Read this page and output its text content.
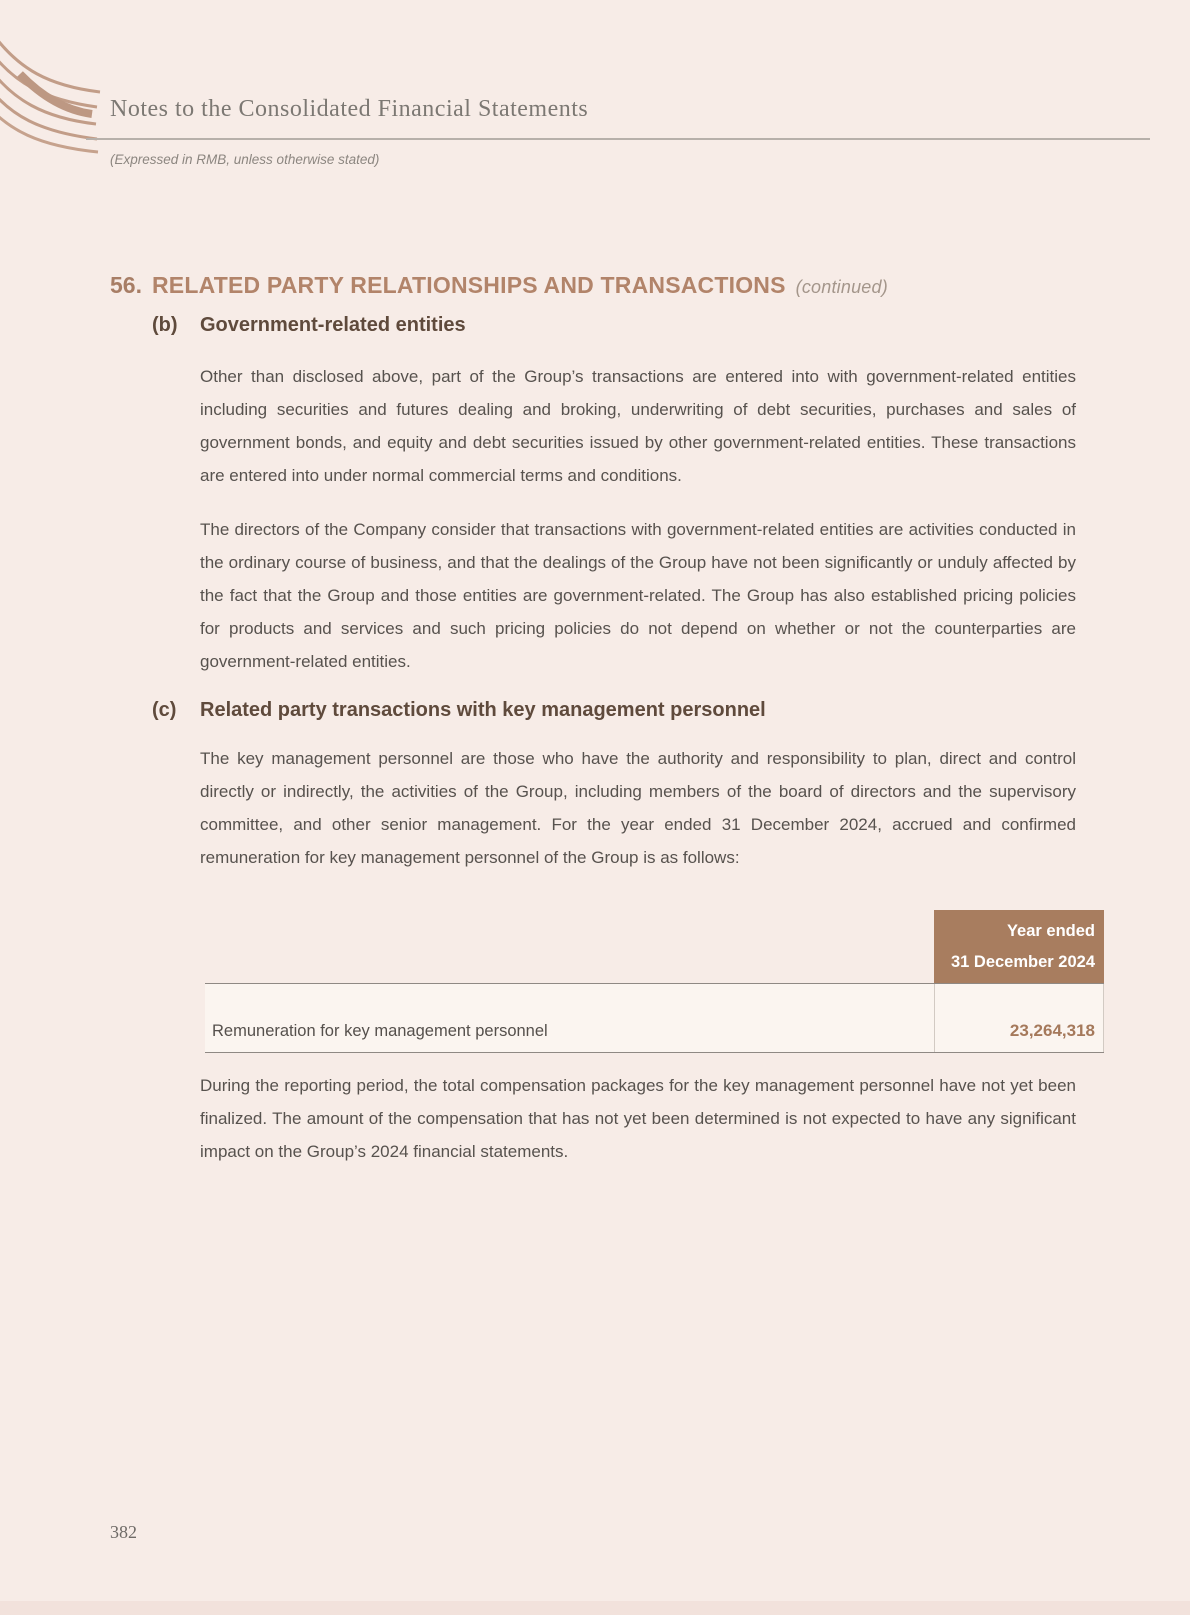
Notes to the Consolidated Financial Statements
(Expressed in RMB, unless otherwise stated)
56. RELATED PARTY RELATIONSHIPS AND TRANSACTIONS (continued)
(b)	Government-related entities
Other than disclosed above, part of the Group’s transactions are entered into with government-related entities including securities and futures dealing and broking, underwriting of debt securities, purchases and sales of government bonds, and equity and debt securities issued by other government-related entities. These transactions are entered into under normal commercial terms and conditions.
The directors of the Company consider that transactions with government-related entities are activities conducted in the ordinary course of business, and that the dealings of the Group have not been significantly or unduly affected by the fact that the Group and those entities are government-related. The Group has also established pricing policies for products and services and such pricing policies do not depend on whether or not the counterparties are government-related entities.
(c)	Related party transactions with key management personnel
The key management personnel are those who have the authority and responsibility to plan, direct and control directly or indirectly, the activities of the Group, including members of the board of directors and the supervisory committee, and other senior management. For the year ended 31 December 2024, accrued and confirmed remuneration for key management personnel of the Group is as follows:
Year ended
31 December 2024
Remuneration for key management personnel	23,264,318
During the reporting period, the total compensation packages for the key management personnel have not yet been finalized. The amount of the compensation that has not yet been determined is not expected to have any significant impact on the Group’s 2024 financial statements.
382
